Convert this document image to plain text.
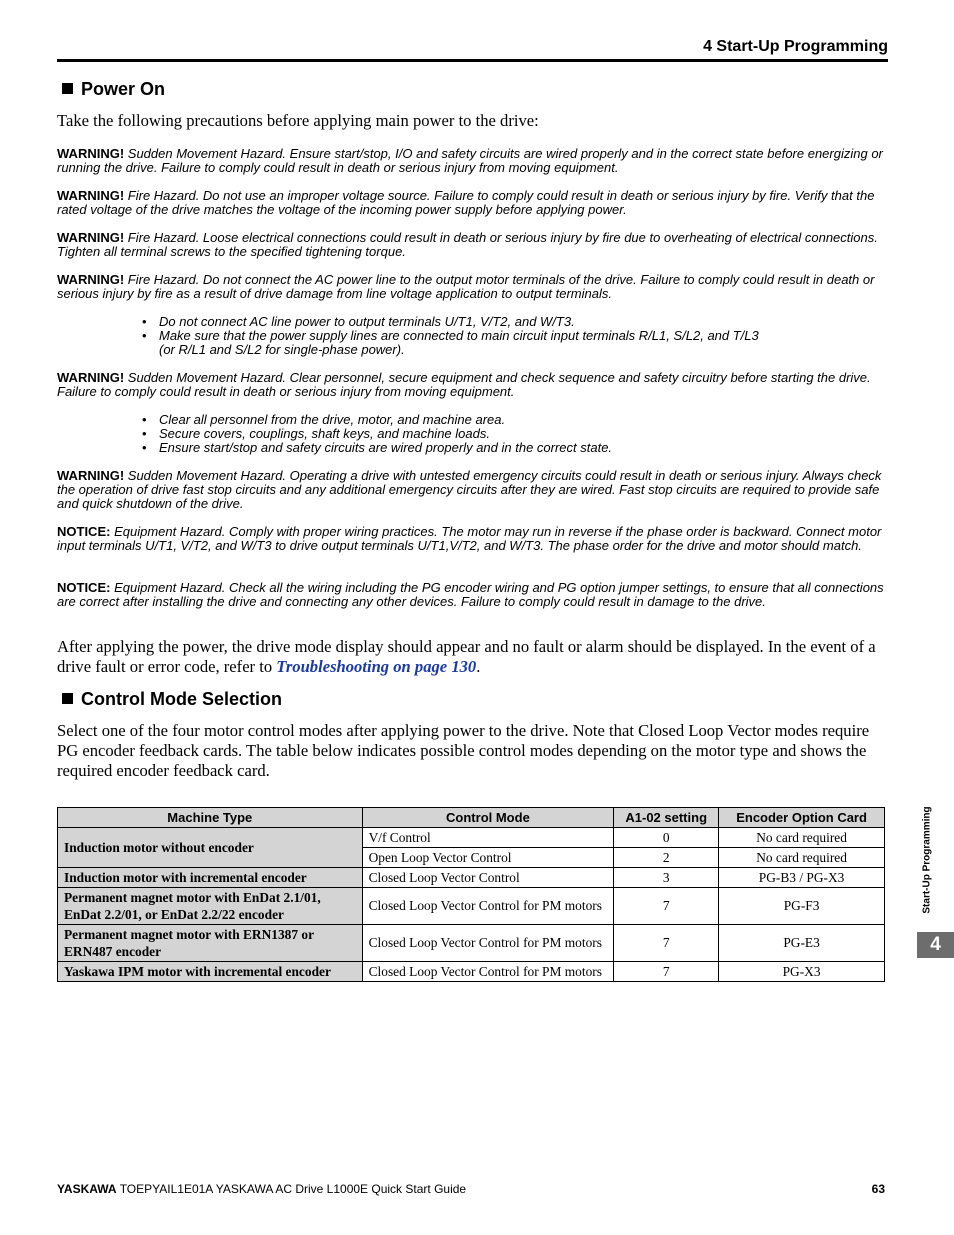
4 Start-Up Programming
Power On
Take the following precautions before applying main power to the drive:
WARNING! Sudden Movement Hazard. Ensure start/stop, I/O and safety circuits are wired properly and in the correct state before energizing or running the drive. Failure to comply could result in death or serious injury from moving equipment.
WARNING! Fire Hazard. Do not use an improper voltage source. Failure to comply could result in death or serious injury by fire. Verify that the rated voltage of the drive matches the voltage of the incoming power supply before applying power.
WARNING! Fire Hazard. Loose electrical connections could result in death or serious injury by fire due to overheating of electrical connections. Tighten all terminal screws to the specified tightening torque.
WARNING! Fire Hazard. Do not connect the AC power line to the output motor terminals of the drive. Failure to comply could result in death or serious injury by fire as a result of drive damage from line voltage application to output terminals.
• Do not connect AC line power to output terminals U/T1, V/T2, and W/T3.
• Make sure that the power supply lines are connected to main circuit input terminals R/L1, S/L2, and T/L3
(or R/L1 and S/L2 for single-phase power).
WARNING! Sudden Movement Hazard. Clear personnel, secure equipment and check sequence and safety circuitry before starting the drive. Failure to comply could result in death or serious injury from moving equipment.
• Clear all personnel from the drive, motor, and machine area.
• Secure covers, couplings, shaft keys, and machine loads.
• Ensure start/stop and safety circuits are wired properly and in the correct state.
WARNING! Sudden Movement Hazard. Operating a drive with untested emergency circuits could result in death or serious injury. Always check the operation of drive fast stop circuits and any additional emergency circuits after they are wired. Fast stop circuits are required to provide safe and quick shutdown of the drive.
NOTICE: Equipment Hazard. Comply with proper wiring practices. The motor may run in reverse if the phase order is backward. Connect motor input terminals U/T1, V/T2, and W/T3 to drive output terminals U/T1,V/T2, and W/T3. The phase order for the drive and motor should match.
NOTICE: Equipment Hazard. Check all the wiring including the PG encoder wiring and PG option jumper settings, to ensure that all connections are correct after installing the drive and connecting any other devices. Failure to comply could result in damage to the drive.
After applying the power, the drive mode display should appear and no fault or alarm should be displayed. In the event of a drive fault or error code, refer to Troubleshooting on page 130.
Control Mode Selection
Select one of the four motor control modes after applying power to the drive. Note that Closed Loop Vector modes require PG encoder feedback cards. The table below indicates possible control modes depending on the motor type and shows the required encoder feedback card.
Machine Type	Control Mode	A1-02 setting	Encoder Option Card
Induction motor without encoder	V/f Control	0	No card required
	Open Loop Vector Control	2	No card required
Induction motor with incremental encoder	Closed Loop Vector Control	3	PG-B3 / PG-X3
Permanent magnet motor with EnDat 2.1/01,
EnDat 2.2/01, or EnDat 2.2/22 encoder	Closed Loop Vector Control for PM motors	7	PG-F3
Permanent magnet motor with ERN1387 or
ERN487 encoder	Closed Loop Vector Control for PM motors	7	PG-E3
Yaskawa IPM motor with incremental encoder	Closed Loop Vector Control for PM motors	7	PG-X3
Start-Up Programming
4
YASKAWA TOEPYAIL1E01A YASKAWA AC Drive L1000E Quick Start Guide	63
